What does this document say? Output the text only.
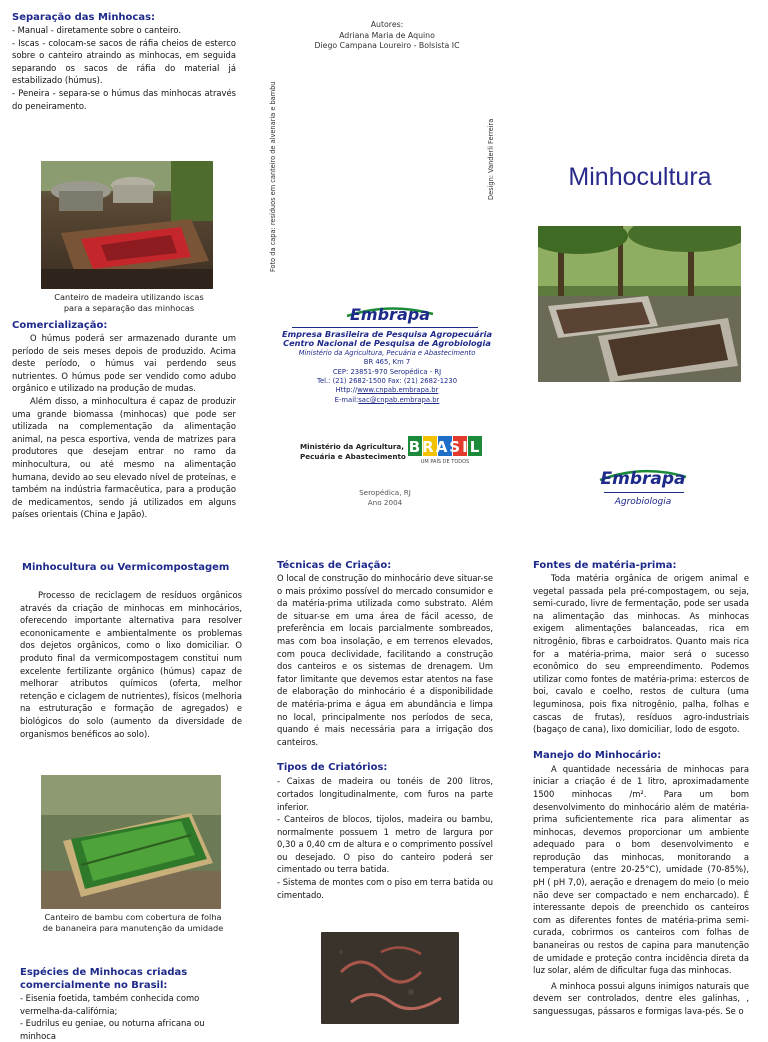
Separação das Minhocas:

- Manual - diretamente sobre o canteiro.

- Iscas - colocam-se sacos de ráfia cheios de esterco sobre o canteiro atraindo as minhocas, em seguida separando os sacos de ráfia do material já estabilizado (húmus).

- Peneira - separa-se o húmus das minhocas através do peneiramento.

Canteiro de madeira utilizando iscas para a separação das minhocas

Comercialização:

O húmus poderá ser armazenado durante um período de seis meses depois de produzido. Acima deste período, o húmus vai perdendo seus nutrientes. O húmus pode ser vendido como adubo orgânico e utilizado na produção de mudas.

Além disso, a minhocultura é capaz de produzir uma grande biomassa (minhocas) que pode ser utilizada na complementação da alimentação animal, na pesca esportiva, venda de matrizes para produtores que desejam entrar no ramo da minhocultura, ou até mesmo na alimentação humana, devido ao seu elevado nível de proteínas, e também na indústria farmacêutica, para a produção de medicamentos, sendo já utilizados em alguns países orientais (China e Japão).

Autores:
Adriana Maria de Aquino
Diego Campana Loureiro - Bolsista IC
Foto da capa: resíduos em canteiro de alvenaria e bambu	Design: Vanderli Ferreira
Embrapa
Empresa Brasileira de Pesquisa Agropecuária
Centro Nacional de Pesquisa de Agrobiologia
Ministério da Agricultura, Pecuária e Abastecimento
BR 465, Km 7
CEP: 23851-970 Seropédica - RJ
Tel.: (21) 2682-1500 Fax: (21) 2682-1230
Http://www.cnpab.embrapa.br
E-mail:sac@cnpab.embrapa.br
Ministério da Agricultura,
Pecuária e Abastecimento
BRASIL
UM PAÍS DE TODOS
Seropédica, RJ
Ano 2004
Minhocultura
Embrapa
Agrobiologia

Minhocultura ou Vermicompostagem

Processo de reciclagem de resíduos orgânicos através da criação de minhocas em minhocários, oferecendo importante alternativa para resolver econonicamente e ambientalmente os problemas dos dejetos orgânicos, como o lixo domiciliar. O produto final da vermicompostagem constitui num excelente fertilizante orgânico (húmus) capaz de melhorar atributos químicos (oferta, melhor retenção e ciclagem de nutrientes), físicos (melhoria na estruturação e formação de agregados) e biológicos do solo (aumento da diversidade de organismos benéficos ao solo).

Canteiro de bambu com cobertura de folha de bananeira para manutenção da umidade

Espécies de Minhocas criadas comercialmente no Brasil:

- Eisenia foetida, também conhecida como vermelha-da-califórnia;

- Eudrilus eu geniae, ou noturna africana ou minhoca

Técnicas de Criação:

O local de construção do minhocário deve situar-se o mais próximo possível do mercado consumidor e da matéria-prima utilizada como substrato. Além de situar-se em uma área de fácil acesso, de preferência em locais parcialmente sombreados, mas com boa insolação, e em terrenos elevados, com pouca declividade, facilitando a construção dos canteiros e os sistemas de drenagem. Um fator limitante que devemos estar atentos na fase de elaboração do minhocário é a disponibilidade de matéria-prima e água em abundância e limpa no local, principalmente nos períodos de seca, quando é mais necessária para a irrigação dos canteiros.

Tipos de Criatórios:

- Caixas de madeira ou tonéis de 200 litros, cortados longitudinalmente, com furos na parte inferior.

- Canteiros de blocos, tijolos, madeira ou bambu, normalmente possuem 1 metro de largura por 0,30 a 0,40 cm de altura e o comprimento possível ou desejado. O piso do canteiro poderá ser cimentado ou terra batida.

- Sistema de montes com o piso em terra batida ou cimentado.

Fontes de matéria-prima:

Toda matéria orgânica de origem animal e vegetal passada pela pré-compostagem, ou seja, semi-curado, livre de fermentação, pode ser usada na alimentação das minhocas. As minhocas exigem alimentações balanceadas, rica em nitrogênio, fibras e carboidratos. Quanto mais rica for a matéria-prima, maior será o sucesso econômico do seu empreendimento. Podemos utilizar como fontes de matéria-prima: estercos de boi, cavalo e coelho, restos de cultura (uma leguminosa, pois fixa nitrogênio, palha, folhas e cascas de frutas), resíduos agro-industriais (bagaço de cana), lixo domiciliar, lodo de esgoto.

Manejo do Minhocário:

A quantidade necessária de minhocas para iniciar a criação é de 1 litro, aproximadamente 1500 minhocas /m². Para um bom desenvolvimento do minhocário além de matéria-prima suficientemente rica para alimentar as minhocas, devemos proporcionar um ambiente adequado para o bom desenvolvimento e reprodução das minhocas, monitorando a temperatura (entre 20-25°C), umidade (70-85%), pH ( pH 7,0), aeração e drenagem do meio (o meio não deve ser compactado e nem encharcado). É interessante depois de preenchido os canteiros com as diferentes fontes de matéria-prima semi-curada, cobrirmos os canteiros com folhas de bananeiras ou restos de capina para manutenção de umidade e proteção contra incidência direta da luz solar, além de dificultar fuga das minhocas.

A minhoca possui alguns inimigos naturais que devem ser controlados, dentre eles galinhas, , sanguessugas, pássaros e formigas lava-pés. Se o
